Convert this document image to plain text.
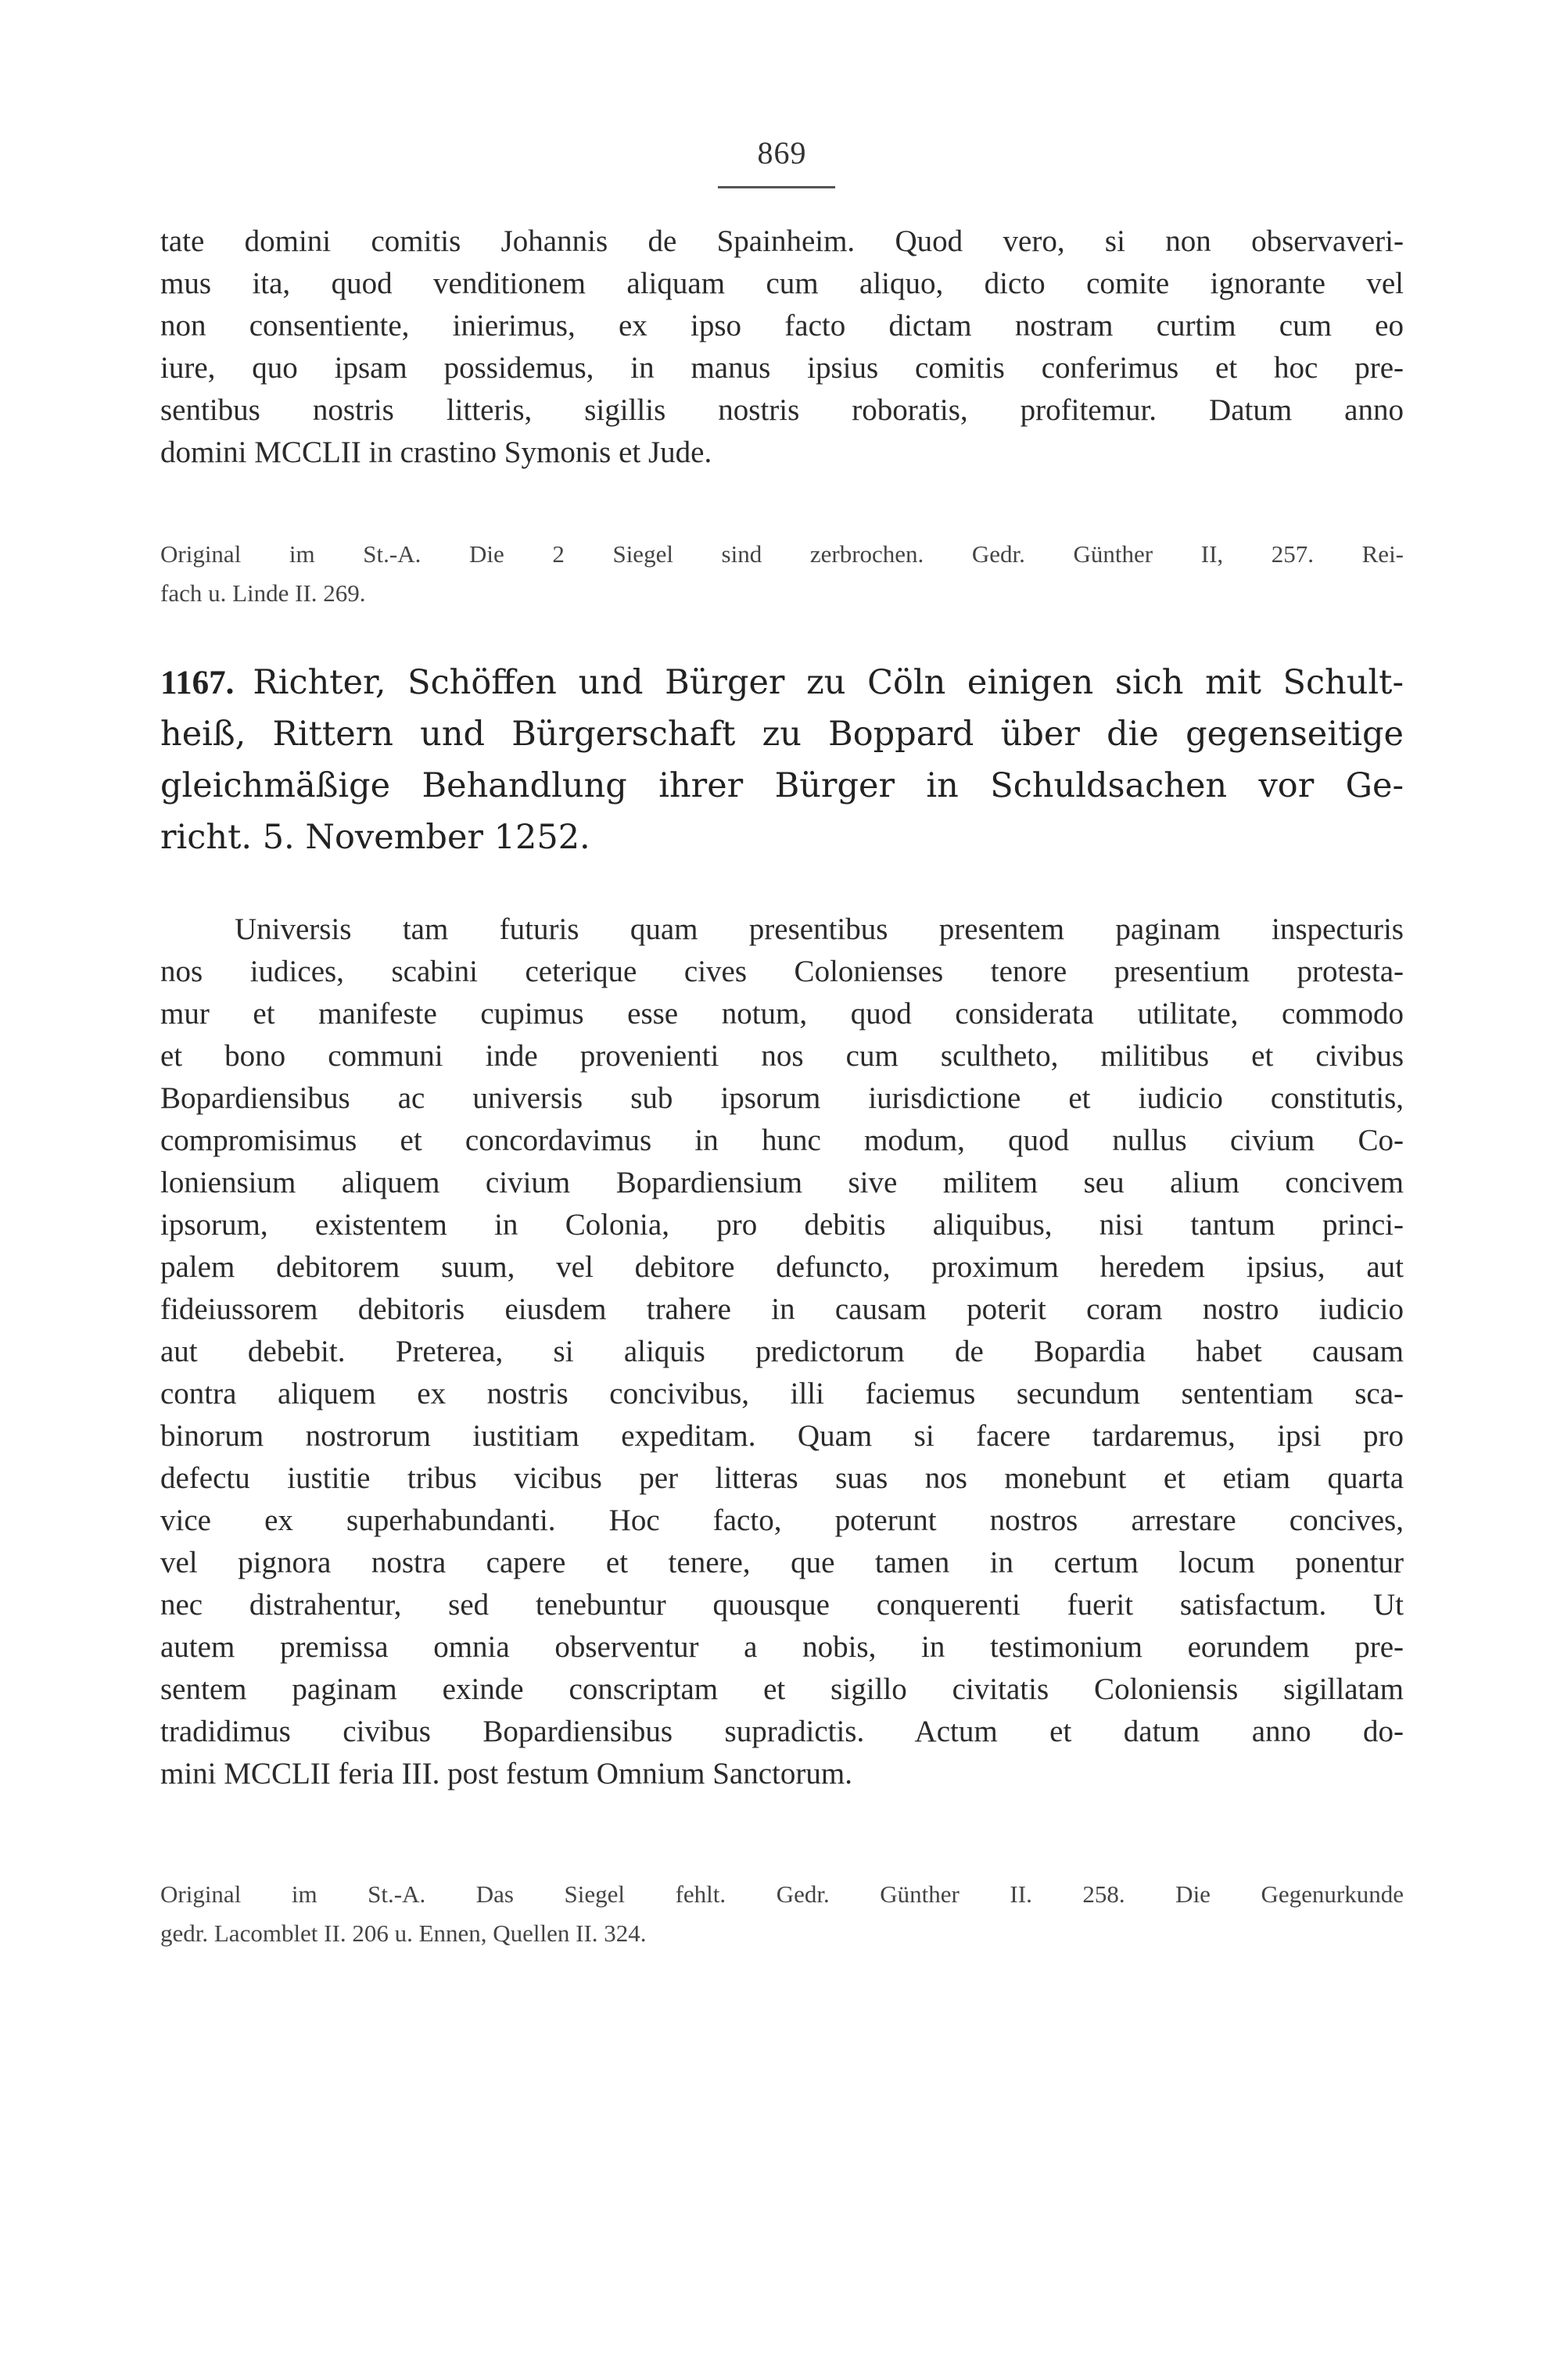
869
tate domini comitis Johannis de Spainheim. Quod vero, si non observaveri-
mus ita, quod venditionem aliquam cum aliquo, dicto comite ignorante vel
non consentiente, inierimus, ex ipso facto dictam nostram curtim cum eo
iure, quo ipsam possidemus, in manus ipsius comitis conferimus et hoc pre-
sentibus nostris litteris, sigillis nostris roboratis, profitemur. Datum anno
domini MCCLII in crastino Symonis et Jude.
Original im St.-A. Die 2 Siegel sind zerbrochen. Gedr. Günther II, 257. Rei-
fach u. Linde II. 269.
1167. Richter, Schöffen und Bürger zu Cöln einigen sich mit Schult-
heiß, Rittern und Bürgerschaft zu Boppard über die gegenseitige
gleichmäßige Behandlung ihrer Bürger in Schuldsachen vor Ge-
richt. 5. November 1252.
Universis tam futuris quam presentibus presentem paginam inspecturis
nos iudices, scabini ceterique cives Colonienses tenore presentium protesta-
mur et manifeste cupimus esse notum, quod considerata utilitate, commodo
et bono communi inde provenienti nos cum scultheto, militibus et civibus
Bopardiensibus ac universis sub ipsorum iurisdictione et iudicio constitutis,
compromisimus et concordavimus in hunc modum, quod nullus civium Co-
loniensium aliquem civium Bopardiensium sive militem seu alium concivem
ipsorum, existentem in Colonia, pro debitis aliquibus, nisi tantum princi-
palem debitorem suum, vel debitore defuncto, proximum heredem ipsius, aut
fideiussorem debitoris eiusdem trahere in causam poterit coram nostro iudicio
aut debebit. Preterea, si aliquis predictorum de Bopardia habet causam
contra aliquem ex nostris concivibus, illi faciemus secundum sententiam sca-
binorum nostrorum iustitiam expeditam. Quam si facere tardaremus, ipsi pro
defectu iustitie tribus vicibus per litteras suas nos monebunt et etiam quarta
vice ex superhabundanti. Hoc facto, poterunt nostros arrestare concives,
vel pignora nostra capere et tenere, que tamen in certum locum ponentur
nec distrahentur, sed tenebuntur quousque conquerenti fuerit satisfactum. Ut
autem premissa omnia observentur a nobis, in testimonium eorundem pre-
sentem paginam exinde conscriptam et sigillo civitatis Coloniensis sigillatam
tradidimus civibus Bopardiensibus supradictis. Actum et datum anno do-
mini MCCLII feria III. post festum Omnium Sanctorum.
Original im St.-A. Das Siegel fehlt. Gedr. Günther II. 258. Die Gegenurkunde
gedr. Lacomblet II. 206 u. Ennen, Quellen II. 324.
